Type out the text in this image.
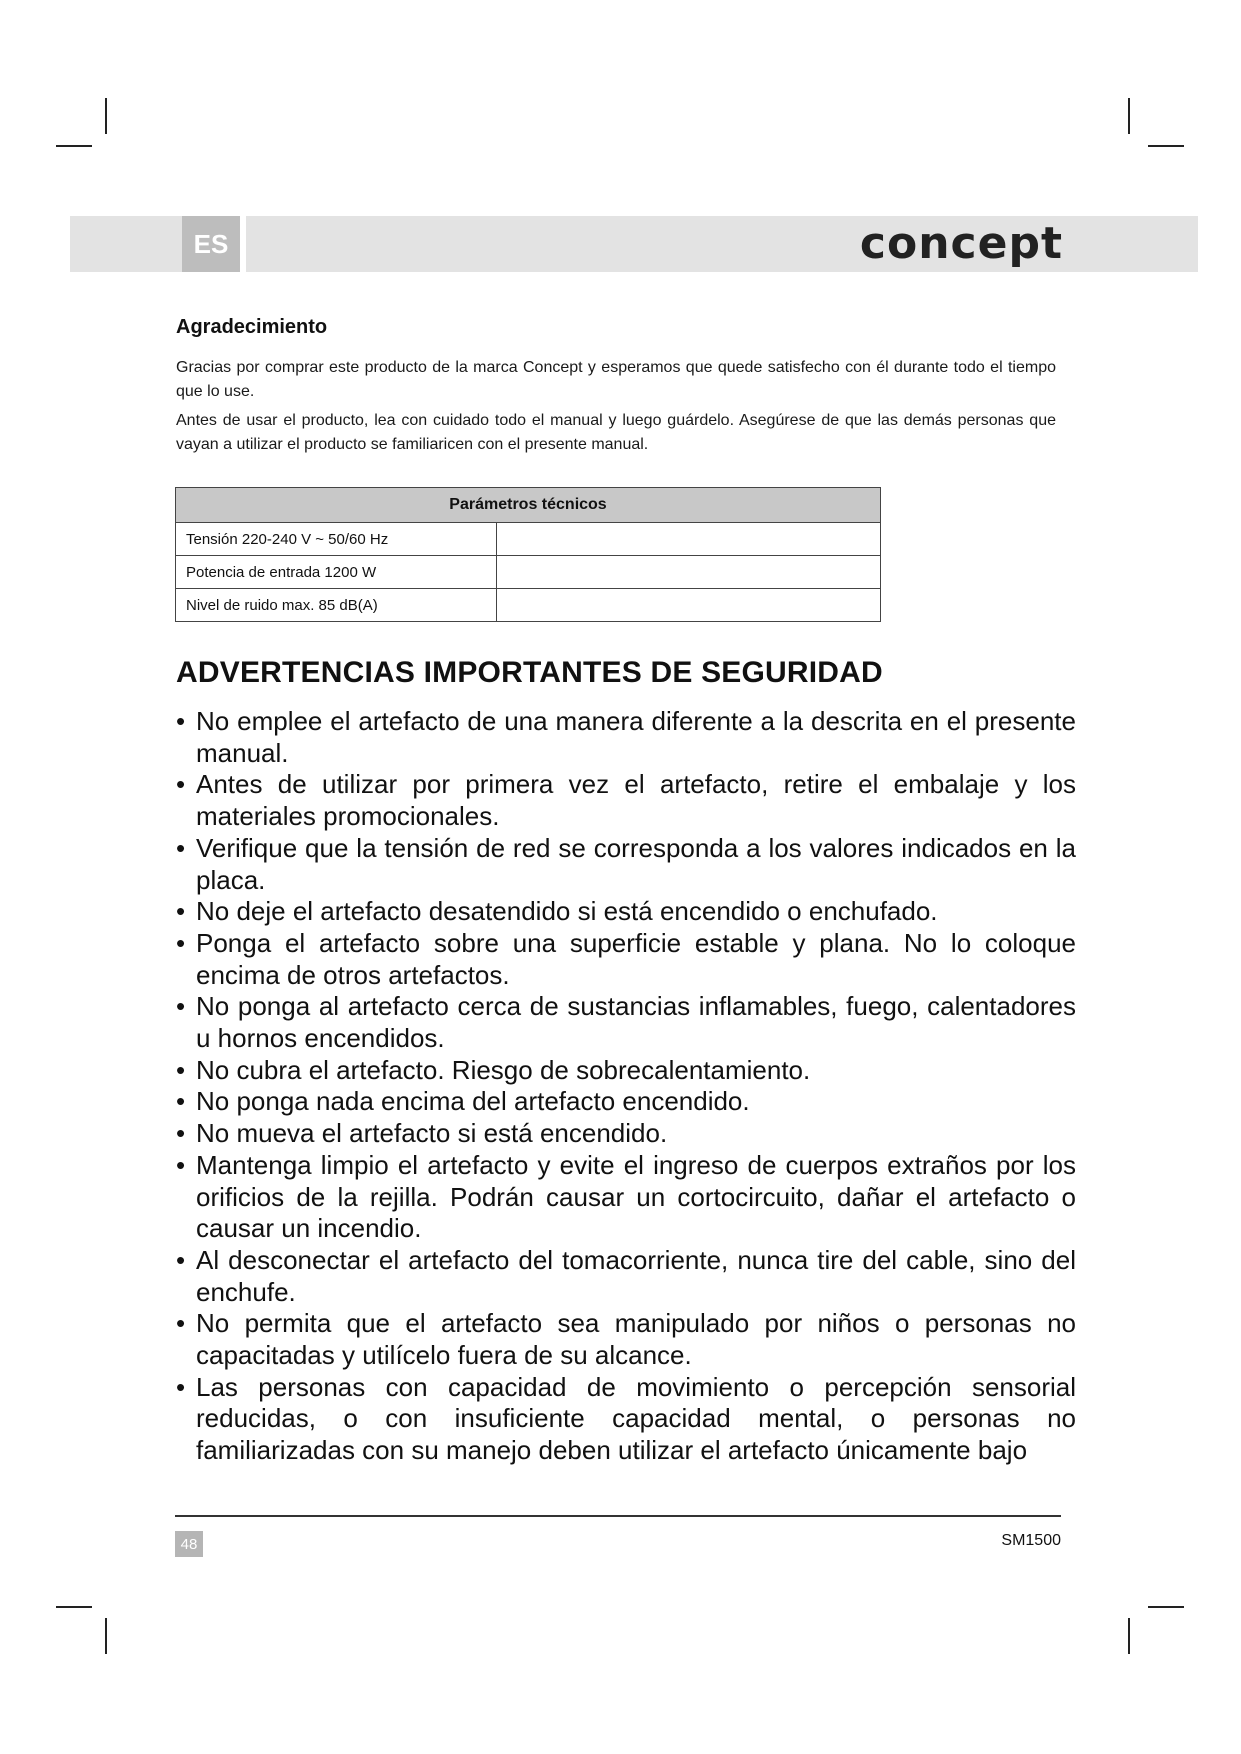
ES	concept
Agradecimiento
Gracias por comprar este producto de la marca Concept y esperamos que quede satisfecho con él durante todo el tiempo que lo use.
Antes de usar el producto, lea con cuidado todo el manual y luego guárdelo. Asegúrese de que las demás personas que vayan a utilizar el producto se familiaricen con el presente manual.
Parámetros técnicos	
Tensión 220-240 V ~ 50/60 Hz	
Potencia de entrada 1200 W	
Nivel de ruido max. 85 dB(A)	
ADVERTENCIAS IMPORTANTES DE SEGURIDAD
• No emplee el artefacto de una manera diferente a la descrita en el presente manual.
• Antes de utilizar por primera vez el artefacto, retire el embalaje y los materiales promocionales.
• Verifique que la tensión de red se corresponda a los valores indicados en la placa.
• No deje el artefacto desatendido si está encendido o enchufado.
• Ponga el artefacto sobre una superficie estable y plana. No lo coloque encima de otros artefactos.
• No ponga al artefacto cerca de sustancias inflamables, fuego, calentadores u hornos encendidos.
• No cubra el artefacto. Riesgo de sobrecalentamiento.
• No ponga nada encima del artefacto encendido.
• No mueva el artefacto si está encendido.
• Mantenga limpio el artefacto y evite el ingreso de cuerpos extraños por los orificios de la rejilla. Podrán causar un cortocircuito, dañar el artefacto o causar un incendio.
• Al desconectar el artefacto del tomacorriente, nunca tire del cable, sino del enchufe.
• No permita que el artefacto sea manipulado por niños o personas no capacitadas y utilícelo fuera de su alcance.
• Las personas con capacidad de movimiento o percepción sensorial reducidas, o con insuficiente capacidad mental, o personas no familiarizadas con su manejo deben utilizar el artefacto únicamente bajo
48	SM1500
